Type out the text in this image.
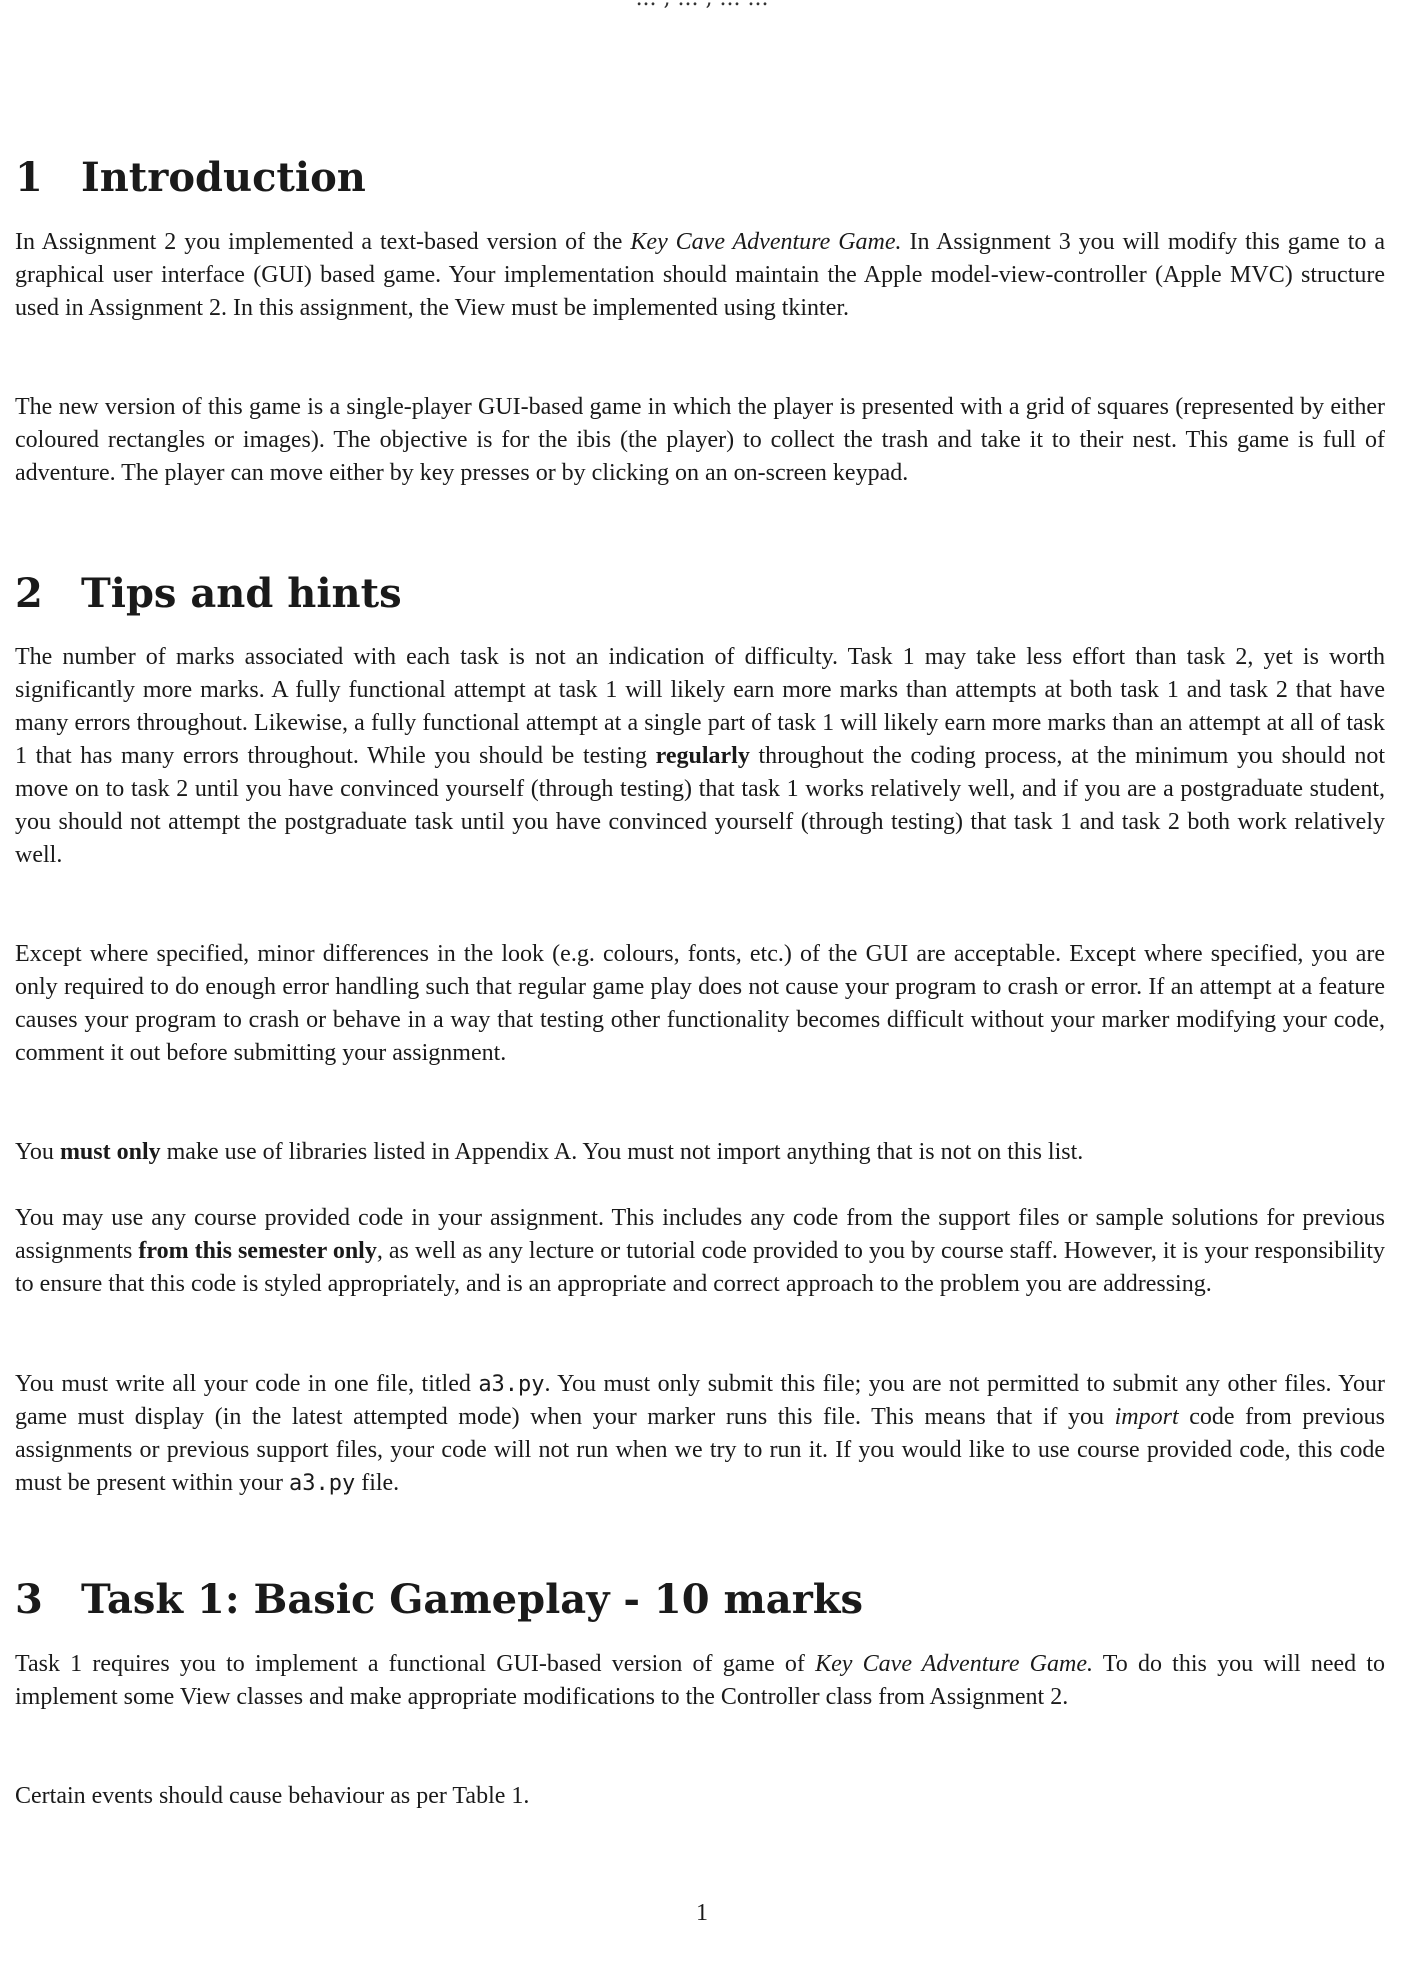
1 Introduction

In Assignment 2 you implemented a text-based version of the Key Cave Adventure Game. In Assignment 3 you will modify this game to a graphical user interface (GUI) based game. Your implementation should maintain the Apple model-view-controller (Apple MVC) structure used in Assignment 2. In this assignment, the View must be implemented using tkinter.

The new version of this game is a single-player GUI-based game in which the player is presented with a grid of squares (represented by either coloured rectangles or images). The objective is for the ibis (the player) to collect the trash and take it to their nest. This game is full of adventure. The player can move either by key presses or by clicking on an on-screen keypad.

2 Tips and hints

The number of marks associated with each task is not an indication of difficulty. Task 1 may take less effort than task 2, yet is worth significantly more marks. A fully functional attempt at task 1 will likely earn more marks than attempts at both task 1 and task 2 that have many errors throughout. Likewise, a fully functional attempt at a single part of task 1 will likely earn more marks than an attempt at all of task 1 that has many errors throughout. While you should be testing regularly throughout the coding process, at the minimum you should not move on to task 2 until you have convinced yourself (through testing) that task 1 works relatively well, and if you are a postgraduate student, you should not attempt the postgraduate task until you have convinced yourself (through testing) that task 1 and task 2 both work relatively well.

Except where specified, minor differences in the look (e.g. colours, fonts, etc.) of the GUI are acceptable. Except where specified, you are only required to do enough error handling such that regular game play does not cause your program to crash or error. If an attempt at a feature causes your program to crash or behave in a way that testing other functionality becomes difficult without your marker modifying your code, comment it out before submitting your assignment.

You must only make use of libraries listed in Appendix A. You must not import anything that is not on this list.

You may use any course provided code in your assignment. This includes any code from the support files or sample solutions for previous assignments from this semester only, as well as any lecture or tutorial code provided to you by course staff. However, it is your responsibility to ensure that this code is styled appropriately, and is an appropriate and correct approach to the problem you are addressing.

You must write all your code in one file, titled a3.py. You must only submit this file; you are not permitted to submit any other files. Your game must display (in the latest attempted mode) when your marker runs this file. This means that if you import code from previous assignments or previous support files, your code will not run when we try to run it. If you would like to use course provided code, this code must be present within your a3.py file.

3 Task 1: Basic Gameplay - 10 marks

Task 1 requires you to implement a functional GUI-based version of game of Key Cave Adventure Game. To do this you will need to implement some View classes and make appropriate modifications to the Controller class from Assignment 2.

Certain events should cause behaviour as per Table 1.

1
